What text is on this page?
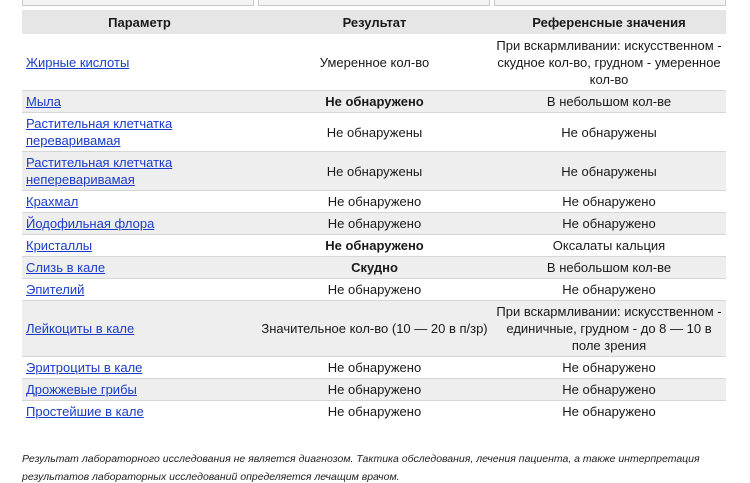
Параметр	Результат	Референсные значения
Жирные кислоты	Умеренное кол-во	При вскармливании: искусственном - скудное кол-во, грудном - умеренное кол-во
Мыла	Не обнаружено	В небольшом кол-ве
Растительная клетчатка переваривамая	Не обнаружены	Не обнаружены
Растительная клетчатка непереваривамая	Не обнаружены	Не обнаружены
Крахмал	Не обнаружено	Не обнаружено
Йодофильная флора	Не обнаружено	Не обнаружено
Кристаллы	Не обнаружено	Оксалаты кальция
Слизь в кале	Скудно	В небольшом кол-ве
Эпителий	Не обнаружено	Не обнаружено
Лейкоциты в кале	Значительное кол-во (10 — 20 в п/зр)	При вскармливании: искусственном - единичные, грудном - до 8 — 10 в поле зрения
Эритроциты в кале	Не обнаружено	Не обнаружено
Дрожжевые грибы	Не обнаружено	Не обнаружено
Простейшие в кале	Не обнаружено	Не обнаружено
Результат лабораторного исследования не является диагнозом. Тактика обследования, лечения пациента, а также интерпретация результатов лабораторных исследований определяется лечащим врачом.
